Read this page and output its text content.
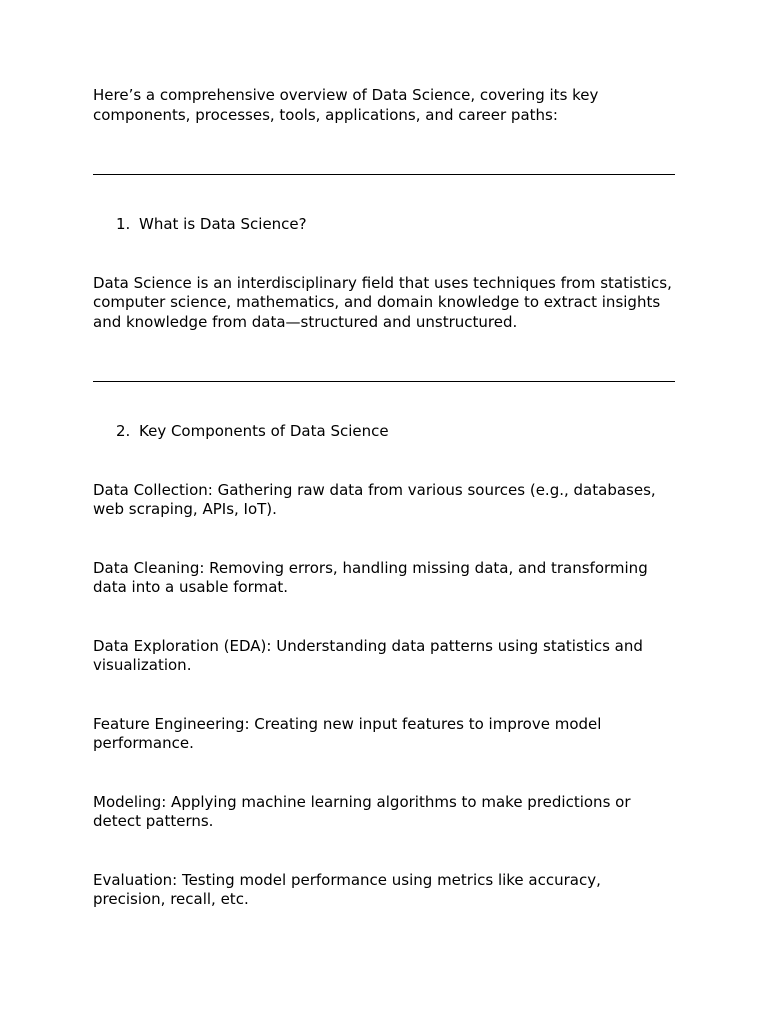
Here’s a comprehensive overview of Data Science, covering its key components, processes, tools, applications, and career paths:

1. What is Data Science?

Data Science is an interdisciplinary field that uses techniques from statistics, computer science, mathematics, and domain knowledge to extract insights and knowledge from data—structured and unstructured.

2. Key Components of Data Science

Data Collection: Gathering raw data from various sources (e.g., databases, web scraping, APIs, IoT).

Data Cleaning: Removing errors, handling missing data, and transforming data into a usable format.

Data Exploration (EDA): Understanding data patterns using statistics and visualization.

Feature Engineering: Creating new input features to improve model performance.

Modeling: Applying machine learning algorithms to make predictions or detect patterns.

Evaluation: Testing model performance using metrics like accuracy, precision, recall, etc.
